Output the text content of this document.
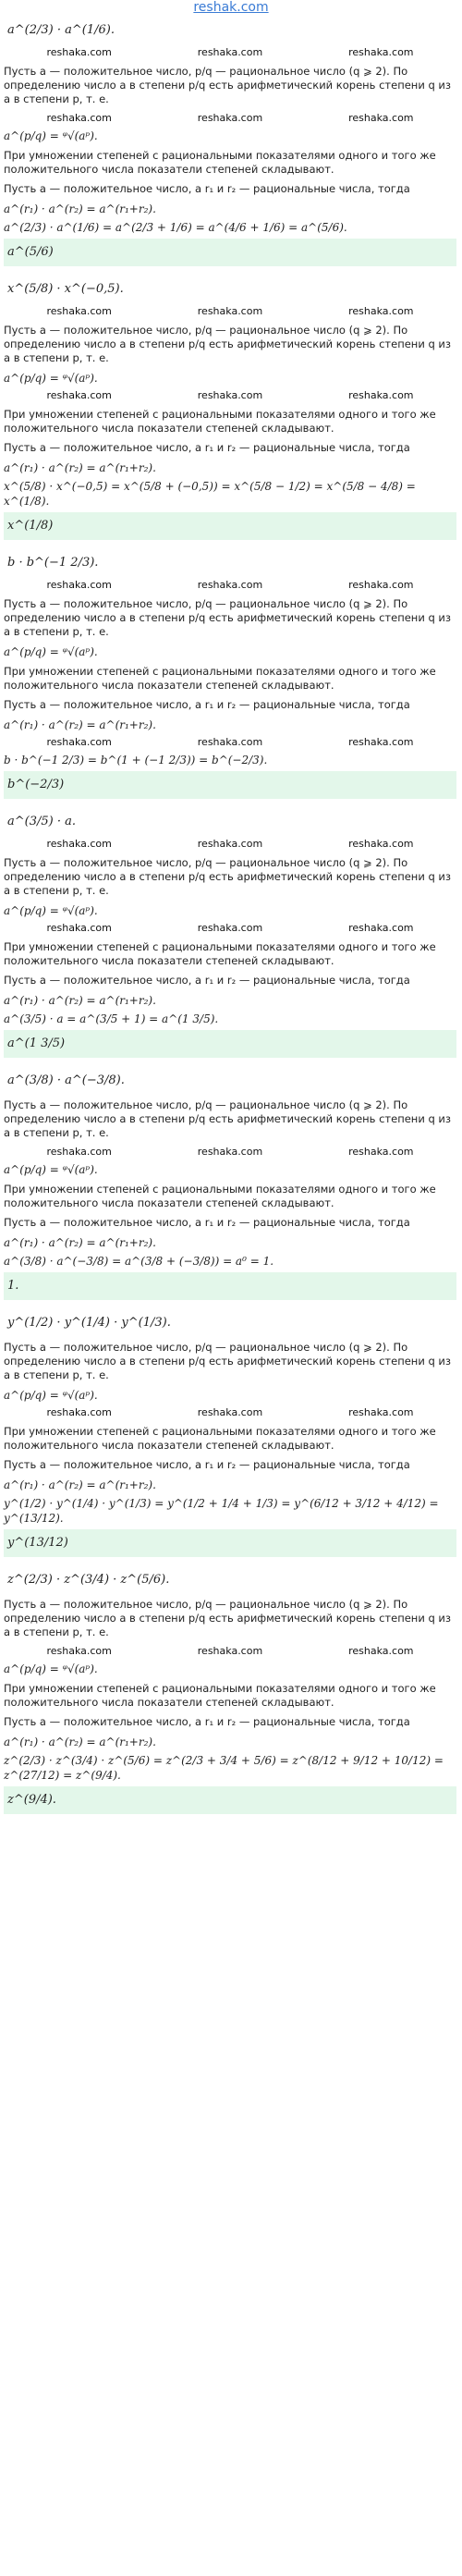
reshak.com
a^(2/3) · a^(1/6).
reshaka.com	reshaka.com	reshaka.com
Пусть a — положительное число, p/q — рациональное число (q ⩾ 2). По определению число a в степени p/q есть арифметический корень степени q из a в степени p, т. е.
reshaka.com	reshaka.com	reshaka.com
a^(p/q) = ᵠ√(aᵖ).
При умножении степеней с рациональными показателями одного и того же положительного числа показатели степеней складывают.
Пусть a — положительное число, а r₁ и r₂ — рациональные числа, тогда
a^(r₁) · a^(r₂) = a^(r₁+r₂).
a^(2/3) · a^(1/6) = a^(2/3 + 1/6) = a^(4/6 + 1/6) = a^(5/6).
a^(5/6)
x^(5/8) · x^(−0,5).
reshaka.com	reshaka.com	reshaka.com
Пусть a — положительное число, p/q — рациональное число (q ⩾ 2). По определению число a в степени p/q есть арифметический корень степени q из a в степени p, т. е.
a^(p/q) = ᵠ√(aᵖ).
reshaka.com	reshaka.com	reshaka.com
При умножении степеней с рациональными показателями одного и того же положительного числа показатели степеней складывают.
Пусть a — положительное число, а r₁ и r₂ — рациональные числа, тогда
a^(r₁) · a^(r₂) = a^(r₁+r₂).
x^(5/8) · x^(−0,5) = x^(5/8 + (−0,5)) = x^(5/8 − 1/2) = x^(5/8 − 4/8) = x^(1/8).
x^(1/8)
b · b^(−1 2/3).
reshaka.com	reshaka.com	reshaka.com
Пусть a — положительное число, p/q — рациональное число (q ⩾ 2). По определению число a в степени p/q есть арифметический корень степени q из a в степени p, т. е.
a^(p/q) = ᵠ√(aᵖ).
При умножении степеней с рациональными показателями одного и того же положительного числа показатели степеней складывают.
Пусть a — положительное число, а r₁ и r₂ — рациональные числа, тогда
a^(r₁) · a^(r₂) = a^(r₁+r₂).
reshaka.com	reshaka.com	reshaka.com
b · b^(−1 2/3) = b^(1 + (−1 2/3)) = b^(−2/3).
b^(−2/3)
a^(3/5) · a.
reshaka.com	reshaka.com	reshaka.com
Пусть a — положительное число, p/q — рациональное число (q ⩾ 2). По определению число a в степени p/q есть арифметический корень степени q из a в степени p, т. е.
a^(p/q) = ᵠ√(aᵖ).
reshaka.com	reshaka.com	reshaka.com
При умножении степеней с рациональными показателями одного и того же положительного числа показатели степеней складывают.
Пусть a — положительное число, а r₁ и r₂ — рациональные числа, тогда
a^(r₁) · a^(r₂) = a^(r₁+r₂).
a^(3/5) · a = a^(3/5 + 1) = a^(1 3/5).
a^(1 3/5)
a^(3/8) · a^(−3/8).
Пусть a — положительное число, p/q — рациональное число (q ⩾ 2). По определению число a в степени p/q есть арифметический корень степени q из a в степени p, т. е.
reshaka.com	reshaka.com	reshaka.com
a^(p/q) = ᵠ√(aᵖ).
При умножении степеней с рациональными показателями одного и того же положительного числа показатели степеней складывают.
Пусть a — положительное число, а r₁ и r₂ — рациональные числа, тогда
a^(r₁) · a^(r₂) = a^(r₁+r₂).
a^(3/8) · a^(−3/8) = a^(3/8 + (−3/8)) = a⁰ = 1.
1.
y^(1/2) · y^(1/4) · y^(1/3).
Пусть a — положительное число, p/q — рациональное число (q ⩾ 2). По определению число a в степени p/q есть арифметический корень степени q из a в степени p, т. е.
a^(p/q) = ᵠ√(aᵖ).
reshaka.com	reshaka.com	reshaka.com
При умножении степеней с рациональными показателями одного и того же положительного числа показатели степеней складывают.
Пусть a — положительное число, а r₁ и r₂ — рациональные числа, тогда
a^(r₁) · a^(r₂) = a^(r₁+r₂).
y^(1/2) · y^(1/4) · y^(1/3) = y^(1/2 + 1/4 + 1/3) = y^(6/12 + 3/12 + 4/12) = y^(13/12).
y^(13/12)
z^(2/3) · z^(3/4) · z^(5/6).
Пусть a — положительное число, p/q — рациональное число (q ⩾ 2). По определению число a в степени p/q есть арифметический корень степени q из a в степени p, т. е.
reshaka.com	reshaka.com	reshaka.com
a^(p/q) = ᵠ√(aᵖ).
При умножении степеней с рациональными показателями одного и того же положительного числа показатели степеней складывают.
Пусть a — положительное число, а r₁ и r₂ — рациональные числа, тогда
a^(r₁) · a^(r₂) = a^(r₁+r₂).
z^(2/3) · z^(3/4) · z^(5/6) = z^(2/3 + 3/4 + 5/6) = z^(8/12 + 9/12 + 10/12) = z^(27/12) = z^(9/4).
z^(9/4).
